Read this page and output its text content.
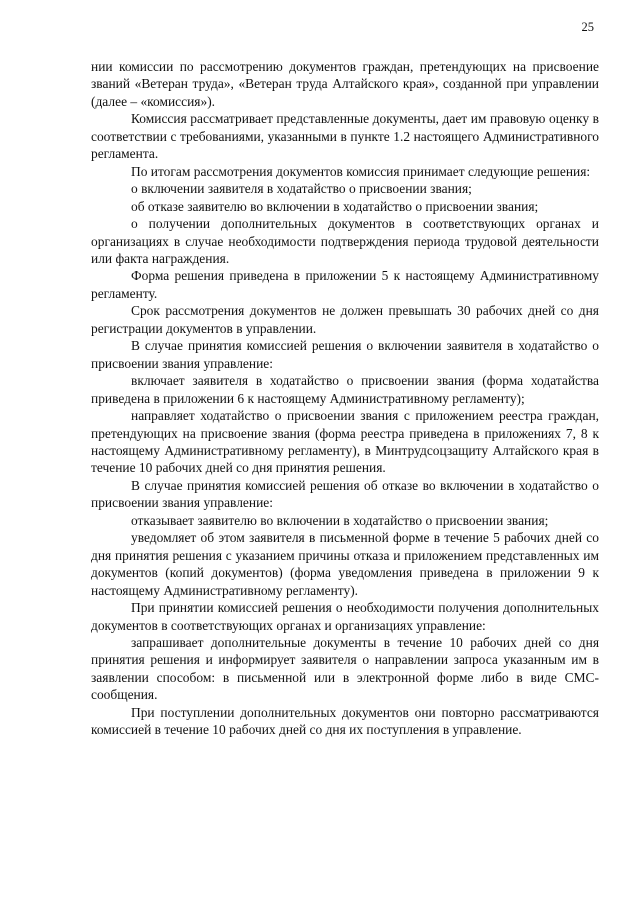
25

нии комиссии по рассмотрению документов граждан, претендующих на присвоение званий «Ветеран труда», «Ветеран труда Алтайского края», созданной при управлении (далее – «комиссия»).

Комиссия рассматривает представленные документы, дает им правовую оценку в соответствии с требованиями, указанными в пункте 1.2 настоящего Административного регламента.

По итогам рассмотрения документов комиссия принимает следующие решения:

о включении заявителя в ходатайство о присвоении звания;

об отказе заявителю во включении в ходатайство о присвоении звания;

о получении дополнительных документов в соответствующих органах и организациях в случае необходимости подтверждения периода трудовой деятельности или факта награждения.

Форма решения приведена в приложении 5 к настоящему Административному регламенту.

Срок рассмотрения документов не должен превышать 30 рабочих дней со дня регистрации документов в управлении.

В случае принятия комиссией решения о включении заявителя в ходатайство о присвоении звания управление:

включает заявителя в ходатайство о присвоении звания (форма ходатайства приведена в приложении 6 к настоящему Административному регламенту);

направляет ходатайство о присвоении звания с приложением реестра граждан, претендующих на присвоение звания (форма реестра приведена в приложениях 7, 8 к настоящему Административному регламенту), в Минтрудсоцзащиту Алтайского края в течение 10 рабочих дней со дня принятия решения.

В случае принятия комиссией решения об отказе во включении в ходатайство о присвоении звания управление:

отказывает заявителю во включении в ходатайство о присвоении звания;

уведомляет об этом заявителя в письменной форме в течение 5 рабочих дней со дня принятия решения с указанием причины отказа и приложением представленных им документов (копий документов) (форма уведомления приведена в приложении 9 к настоящему Административному регламенту).

При принятии комиссией решения о необходимости получения дополнительных документов в соответствующих органах и организациях управление:

запрашивает дополнительные документы в течение 10 рабочих дней со дня принятия решения и информирует заявителя о направлении запроса указанным им в заявлении способом: в письменной или в электронной форме либо в виде СМС-сообщения.

При поступлении дополнительных документов они повторно рассматриваются комиссией в течение 10 рабочих дней со дня их поступления в управление.
